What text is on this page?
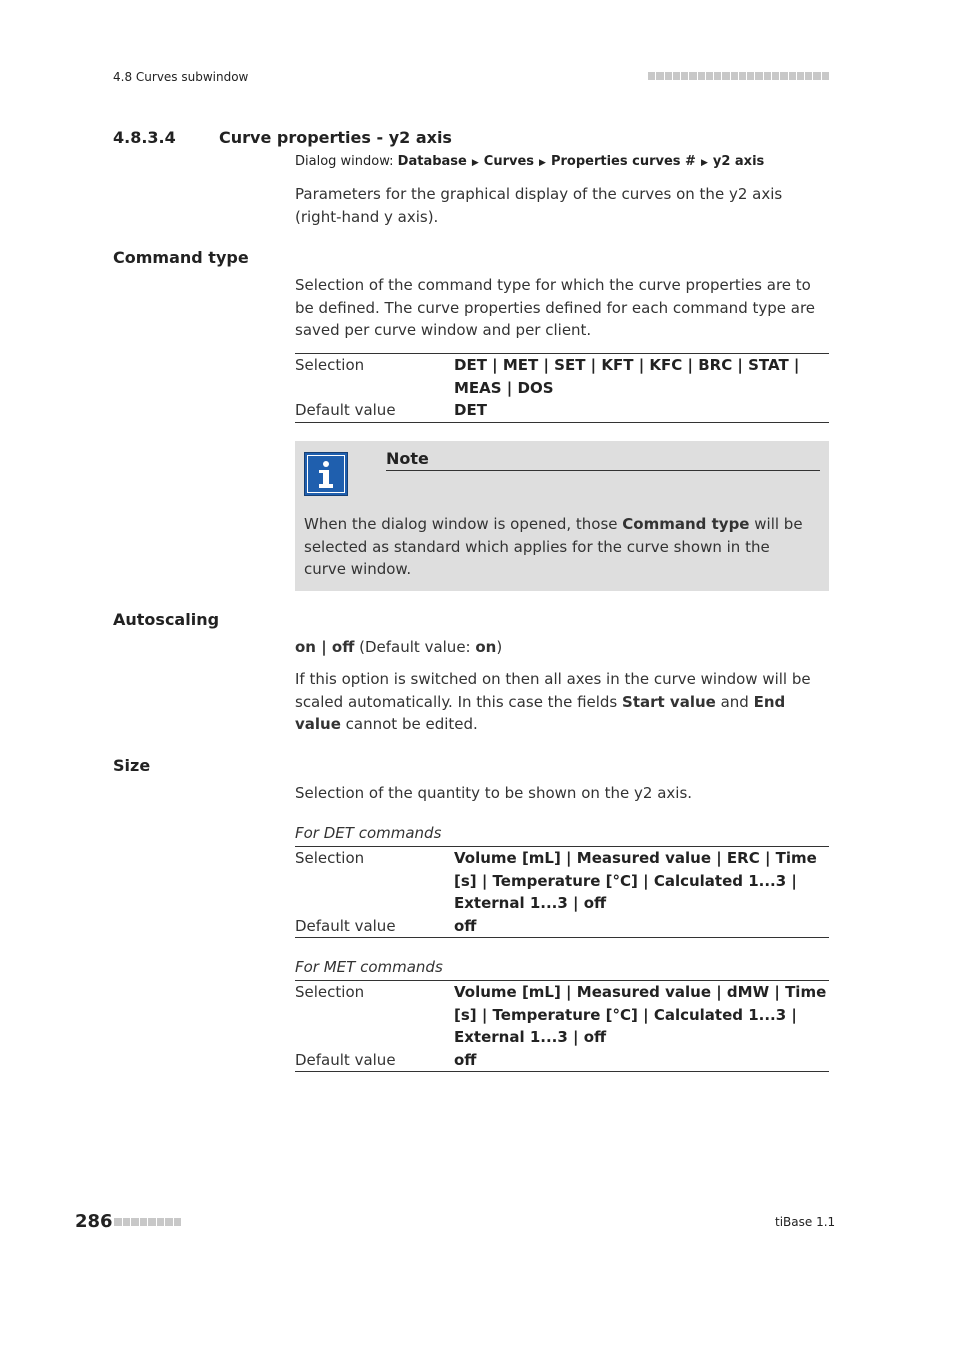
4.8 Curves subwindow
4.8.3.4	Curve properties - y2 axis
Dialog window: Database ▶ Curves ▶ Properties curves # ▶ y2 axis
Parameters for the graphical display of the curves on the y2 axis (right-hand y axis).
Command type
Selection of the command type for which the curve properties are to be defined. The curve properties defined for each command type are saved per curve window and per client.
Selection	DET | MET | SET | KFT | KFC | BRC | STAT | MEAS | DOS
Default value	DET
Note
When the dialog window is opened, those Command type will be selected as standard which applies for the curve shown in the curve window.
Autoscaling
on | off (Default value: on)
If this option is switched on then all axes in the curve window will be scaled automatically. In this case the fields Start value and End value cannot be edited.
Size
Selection of the quantity to be shown on the y2 axis.
For DET commands
Selection	Volume [mL] | Measured value | ERC | Time [s] | Temperature [°C] | Calculated 1...3 | External 1...3 | off
Default value	off
For MET commands
Selection	Volume [mL] | Measured value | dMW | Time [s] | Temperature [°C] | Calculated 1...3 | External 1...3 | off
Default value	off
286	tiBase 1.1
